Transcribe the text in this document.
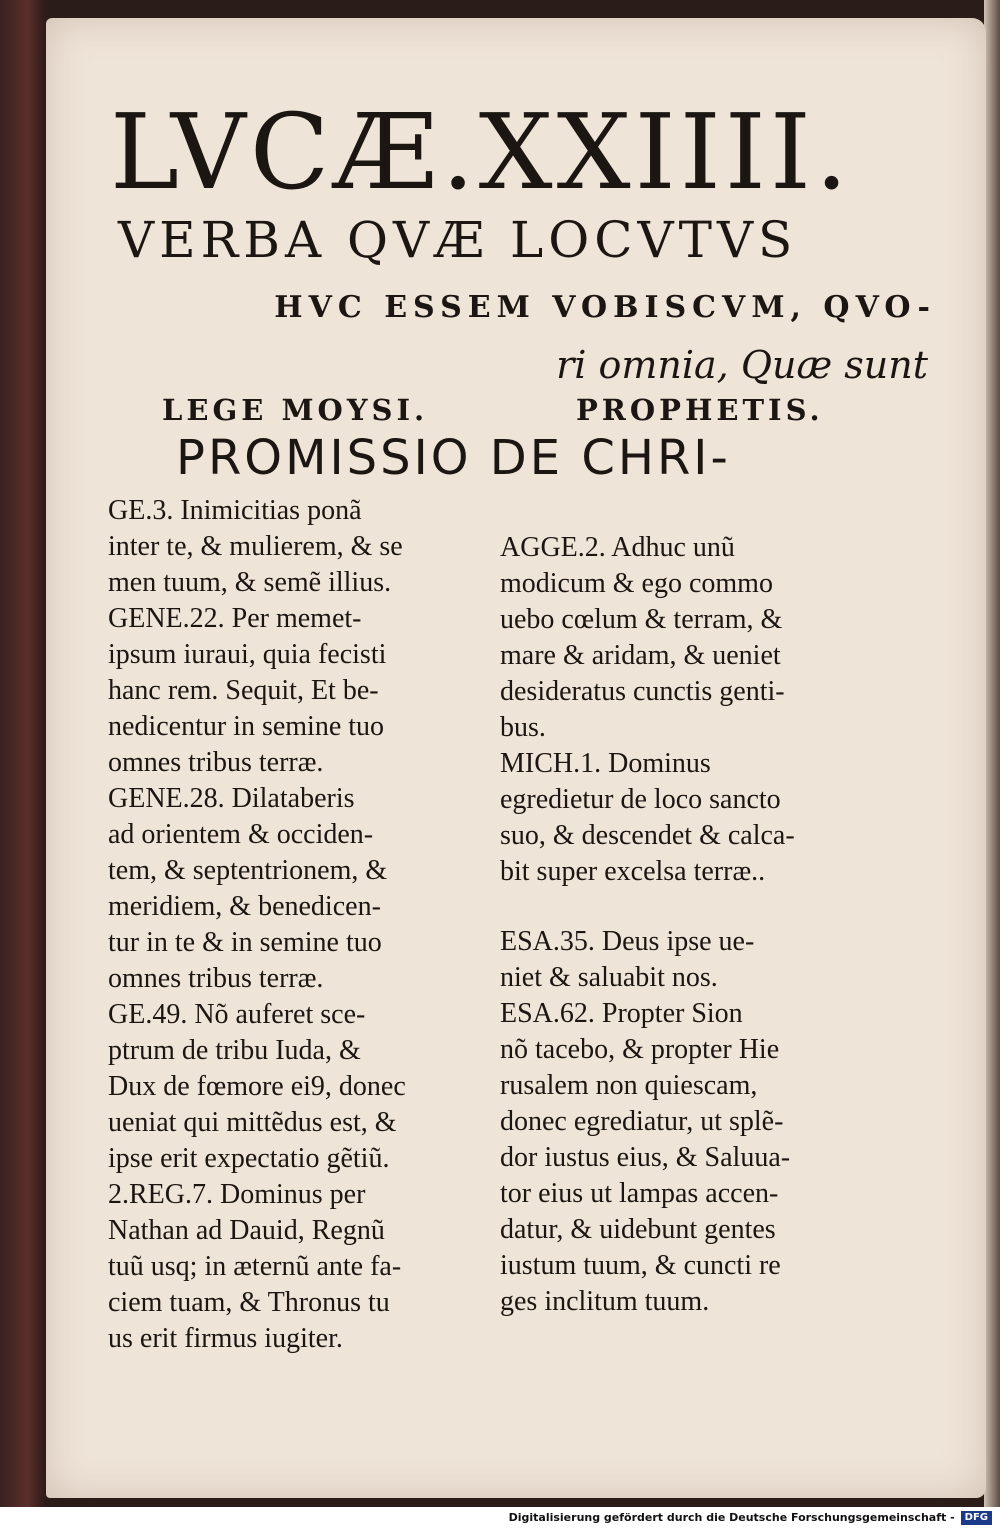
LVCÆ.XXIIII.
VERBA QVÆ LOCVTVS
HVC ESSEM VOBISCVM, QVO-
ri omnia, Quæ sunt
LEGE MOYSI.	PROPHETIS.
PROMISSIO DE CHRI-

GE.3. Inimicitias ponã

inter te, & mulierem, & se

men tuum, & semẽ illius.

GENE.22. Per memet-

ipsum iuraui, quia fecisti

hanc rem. Sequit, Et be-

nedicentur in semine tuo

omnes tribus terræ.

GENE.28. Dilataberis

ad orientem & occiden-

tem, & septentrionem, &

meridiem, & benedicen-

tur in te & in semine tuo

omnes tribus terræ.

GE.49. Nõ auferet sce-

ptrum de tribu Iuda, &

Dux de fœmore ei9, donec

ueniat qui mittẽdus est, &

ipse erit expectatio gẽtiũ.

2.REG.7. Dominus per

Nathan ad Dauid, Regnũ

tuũ usq; in æternũ ante fa-

ciem tuam, & Thronus tu

us erit firmus iugiter.

AGGE.2. Adhuc unũ

modicum & ego commo

uebo cœlum & terram, &

mare & aridam, & ueniet

desideratus cunctis genti-

bus.

MICH.1. Dominus

egredietur de loco sancto

suo, & descendet & calca-

bit super excelsa terræ..

ESA.35. Deus ipse ue-

niet & saluabit nos.

ESA.62. Propter Sion

nõ tacebo, & propter Hie

rusalem non quiescam,

donec egrediatur, ut splẽ-

dor iustus eius, & Saluua-

tor eius ut lampas accen-

datur, & uidebunt gentes

iustum tuum, & cuncti re

ges inclitum tuum.

Digitalisierung gefördert durch die Deutsche Forschungsgemeinschaft - DFG
